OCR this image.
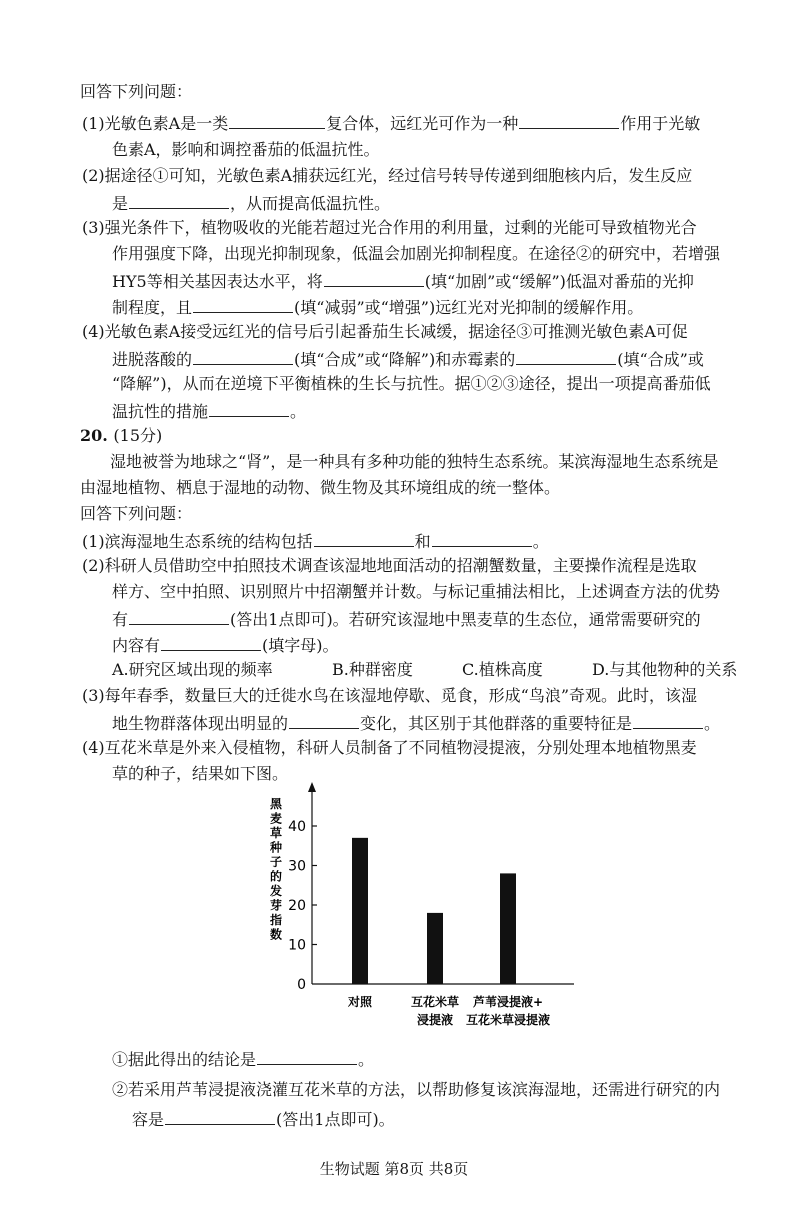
回答下列问题：
(1)光敏色素A是一类	复合体，远红光可作为一种	作用于光敏
色素A，影响和调控番茄的低温抗性。
(2)据途径①可知，光敏色素A捕获远红光，经过信号转导传递到细胞核内后，发生反应
是	，从而提高低温抗性。
(3)强光条件下，植物吸收的光能若超过光合作用的利用量，过剩的光能可导致植物光合
作用强度下降，出现光抑制现象，低温会加剧光抑制程度。在途径②的研究中，若增强
HY5等相关基因表达水平，将	(填“加剧”或“缓解”)低温对番茄的光抑
制程度，且	(填“减弱”或“增强”)远红光对光抑制的缓解作用。
(4)光敏色素A接受远红光的信号后引起番茄生长减缓，据途径③可推测光敏色素A可促
进脱落酸的	(填“合成”或“降解”)和赤霉素的	(填“合成”或
“降解”)，从而在逆境下平衡植株的生长与抗性。据①②③途径，提出一项提高番茄低
温抗性的措施	。
20. (15分)
湿地被誉为地球之“肾”，是一种具有多种功能的独特生态系统。某滨海湿地生态系统是
由湿地植物、栖息于湿地的动物、微生物及其环境组成的统一整体。
回答下列问题：
(1)滨海湿地生态系统的结构包括	和	。
(2)科研人员借助空中拍照技术调查该湿地地面活动的招潮蟹数量，主要操作流程是选取
样方、空中拍照、识别照片中招潮蟹并计数。与标记重捕法相比，上述调查方法的优势
有	(答出1点即可)。若研究该湿地中黑麦草的生态位，通常需要研究的
内容有	(填字母)。
A.研究区域出现的频率	B.种群密度	C.植株高度	D.与其他物种的关系
(3)每年春季，数量巨大的迁徙水鸟在该湿地停歇、觅食，形成“鸟浪”奇观。此时，该湿
地生物群落体现出明显的	变化，其区别于其他群落的重要特征是	。
(4)互花米草是外来入侵植物，科研人员制备了不同植物浸提液，分别处理本地植物黑麦
草的种子，结果如下图。
黑
麦
草
种
子
的
发
芽
指
数
0
10
20
30
40
对照	互花米草
浸提液
芦苇浸提液+
互花米草浸提液
①据此得出的结论是	。
②若采用芦苇浸提液浇灌互花米草的方法，以帮助修复该滨海湿地，还需进行研究的内
容是	(答出1点即可)。
生物试题 第8页 共8页
